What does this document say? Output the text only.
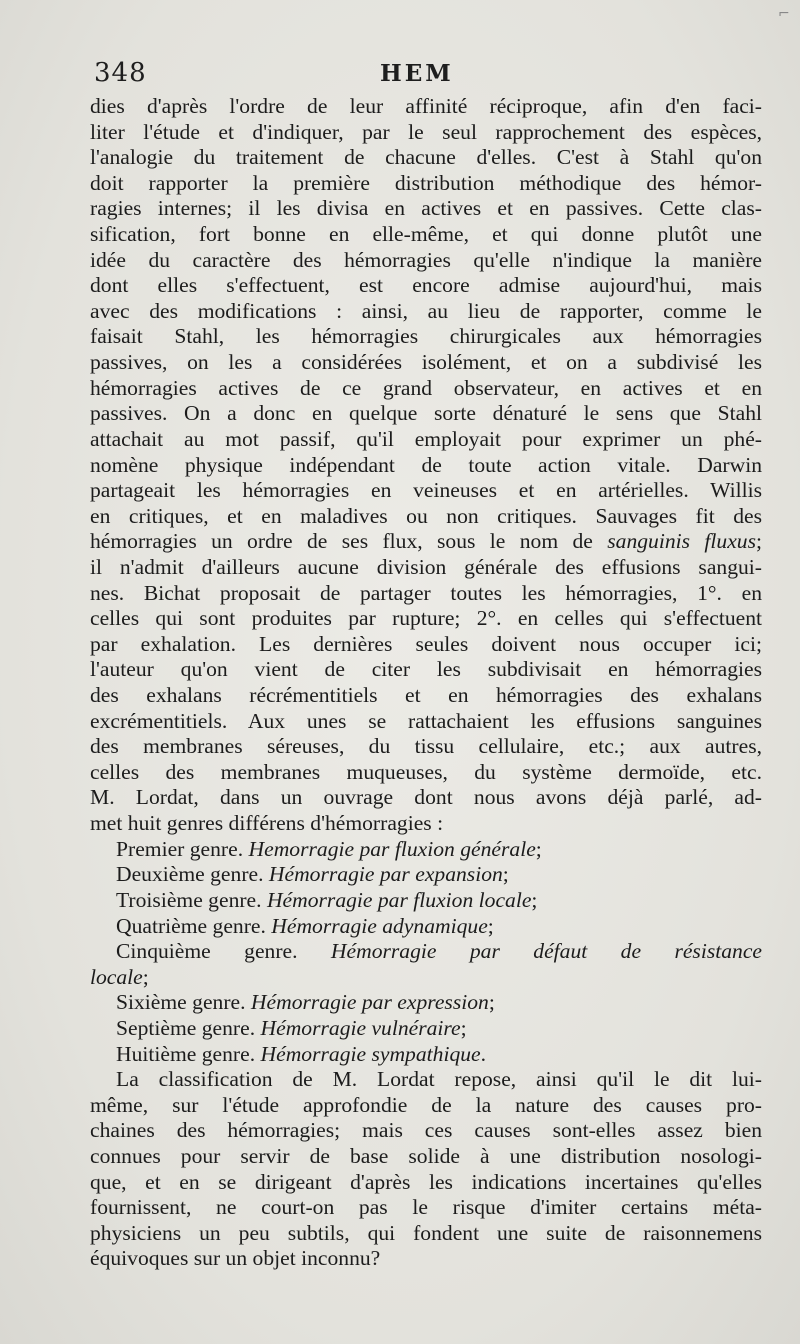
⌐
348	HEM
dies d'après l'ordre de leur affinité réciproque, afin d'en faci-
liter l'étude et d'indiquer, par le seul rapprochement des espèces,
l'analogie du traitement de chacune d'elles. C'est à Stahl qu'on
doit rapporter la première distribution méthodique des hémor-
ragies internes; il les divisa en actives et en passives. Cette clas-
sification, fort bonne en elle-même, et qui donne plutôt une
idée du caractère des hémorragies qu'elle n'indique la manière
dont elles s'effectuent, est encore admise aujourd'hui, mais
avec des modifications : ainsi, au lieu de rapporter, comme le
faisait Stahl, les hémorragies chirurgicales aux hémorragies
passives, on les a considérées isolément, et on a subdivisé les
hémorragies actives de ce grand observateur, en actives et en
passives. On a donc en quelque sorte dénaturé le sens que Stahl
attachait au mot passif, qu'il employait pour exprimer un phé-
nomène physique indépendant de toute action vitale. Darwin
partageait les hémorragies en veineuses et en artérielles. Willis
en critiques, et en maladives ou non critiques. Sauvages fit des
hémorragies un ordre de ses flux, sous le nom de sanguinis fluxus;
il n'admit d'ailleurs aucune division générale des effusions sangui-
nes. Bichat proposait de partager toutes les hémorragies, 1°. en
celles qui sont produites par rupture; 2°. en celles qui s'effectuent
par exhalation. Les dernières seules doivent nous occuper ici;
l'auteur qu'on vient de citer les subdivisait en hémorragies
des exhalans récrémentitiels et en hémorragies des exhalans
excrémentitiels. Aux unes se rattachaient les effusions sanguines
des membranes séreuses, du tissu cellulaire, etc.; aux autres,
celles des membranes muqueuses, du système dermoïde, etc.
M. Lordat, dans un ouvrage dont nous avons déjà parlé, ad-
met huit genres différens d'hémorragies :
Premier genre. Hemorragie par fluxion générale;
Deuxième genre. Hémorragie par expansion;
Troisième genre. Hémorragie par fluxion locale;
Quatrième genre. Hémorragie adynamique;
Cinquième genre. Hémorragie par défaut de résistance
locale;
Sixième genre. Hémorragie par expression;
Septième genre. Hémorragie vulnéraire;
Huitième genre. Hémorragie sympathique.
La classification de M. Lordat repose, ainsi qu'il le dit lui-
même, sur l'étude approfondie de la nature des causes pro-
chaines des hémorragies; mais ces causes sont-elles assez bien
connues pour servir de base solide à une distribution nosologi-
que, et en se dirigeant d'après les indications incertaines qu'elles
fournissent, ne court-on pas le risque d'imiter certains méta-
physiciens un peu subtils, qui fondent une suite de raisonnemens
équivoques sur un objet inconnu?
